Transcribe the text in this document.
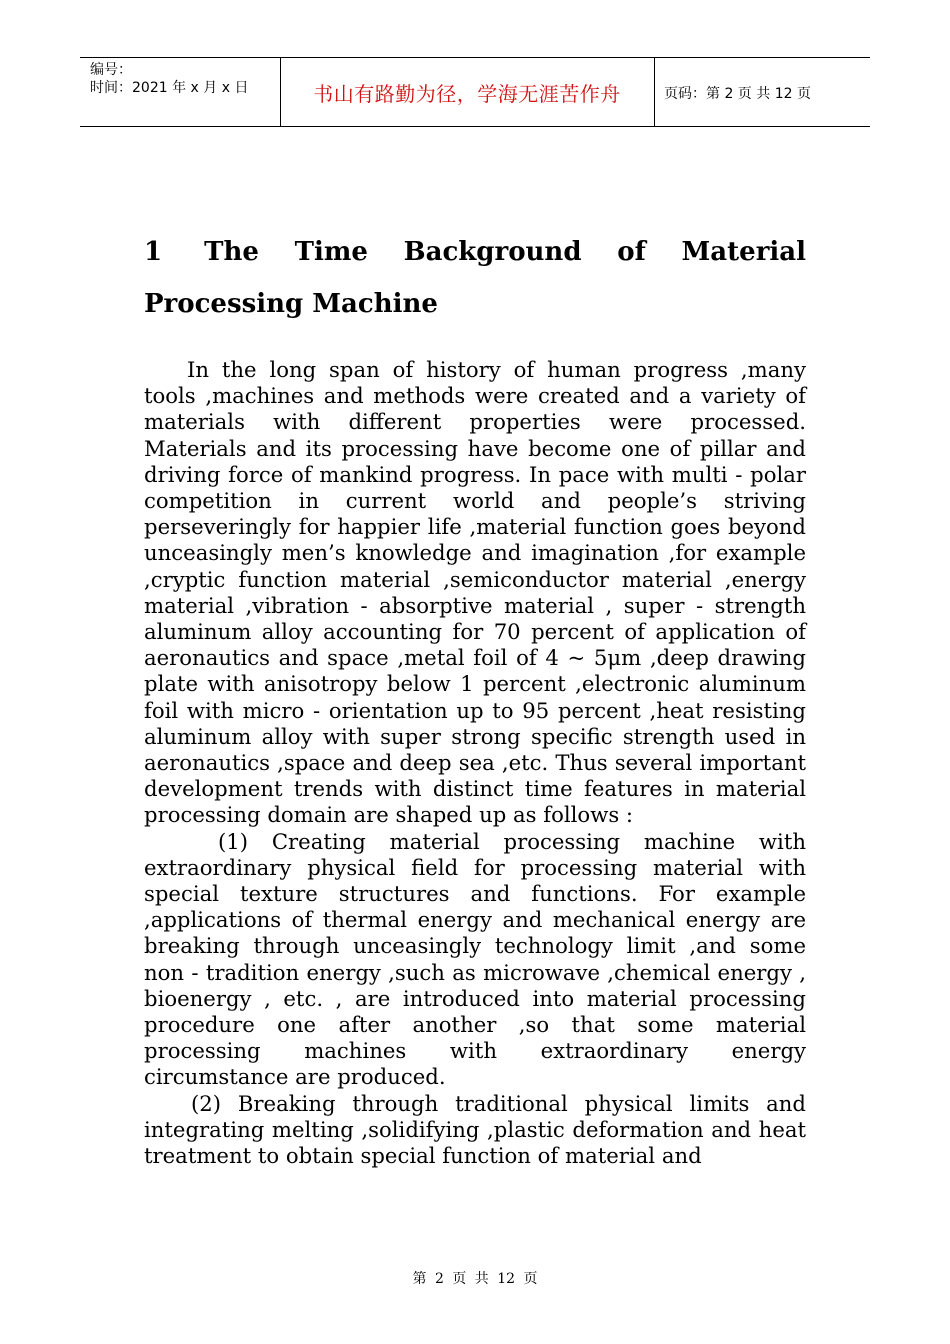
编号：
时间：2021 年 x 月 x 日	书山有路勤为径，学海无涯苦作舟	页码：第 2 页 共 12 页
1 The Time Background of Material Processing Machine

In the long span of history of human progress ,many tools ,machines and methods were created and a variety of materials with different properties were processed. Materials and its processing have become one of pillar and driving force of mankind progress. In pace with multi - polar competition in current world and people’s striving perseveringly for happier life ,material function goes beyond unceasingly men’s knowledge and imagination ,for example ,cryptic function material ,semiconductor material ,energy material ,vibration - absorptive material , super - strength aluminum alloy accounting for 70 percent of application of aeronautics and space ,metal foil of 4 ~ 5μm ,deep drawing plate with anisotropy below 1 percent ,electronic aluminum foil with micro - orientation up to 95 percent ,heat resisting aluminum alloy with super strong specific strength used in aeronautics ,space and deep sea ,etc. Thus several important development trends with distinct time features in material processing domain are shaped up as follows :

(1) Creating material processing machine with extraordinary physical field for processing material with special texture structures and functions. For example ,applications of thermal energy and mechanical energy are breaking through unceasingly technology limit ,and some non - tradition energy ,such as microwave ,chemical energy , bioenergy , etc. , are introduced into material processing procedure one after another ,so that some material processing machines with extraordinary energy circumstance are produced.

(2) Breaking through traditional physical limits and integrating melting ,solidifying ,plastic deformation and heat treatment to obtain special function of material and

第 2 页 共 12 页
